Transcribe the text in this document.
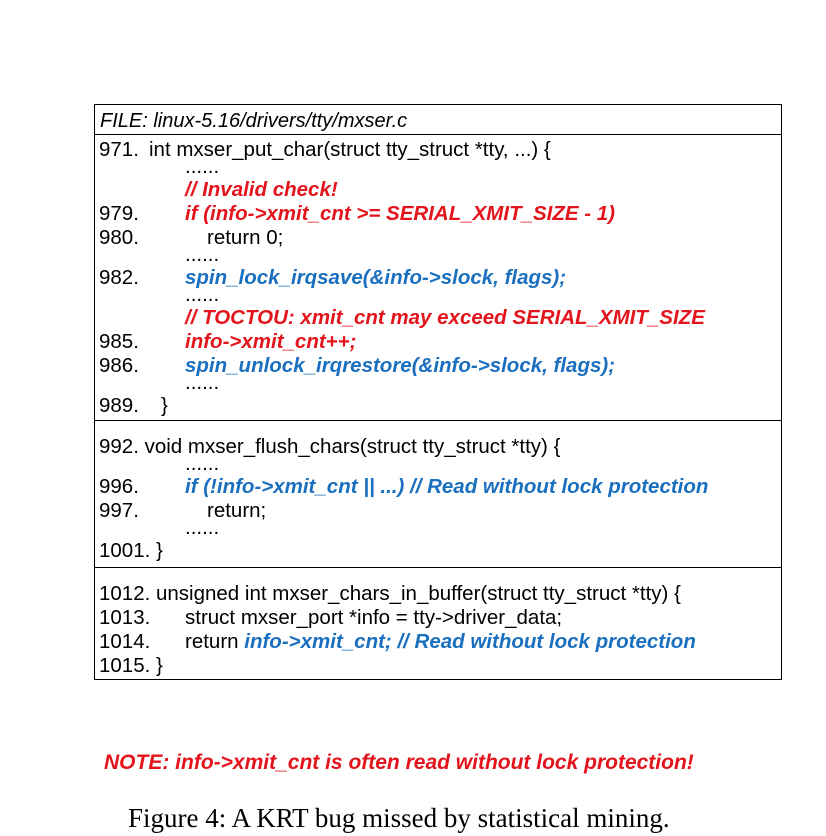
FILE: linux-5.16/drivers/tty/mxser.c
971. int mxser_put_char(struct tty_struct *tty, ...) {
......
// Invalid check!
979. if (info->xmit_cnt >= SERIAL_XMIT_SIZE - 1)
980.	return 0;
......
982. spin_lock_irqsave(&info->slock, flags);
......
// TOCTOU: xmit_cnt may exceed SERIAL_XMIT_SIZE
985. info->xmit_cnt++;
986. spin_unlock_irqrestore(&info->slock, flags);
......
989. }
992. void mxser_flush_chars(struct tty_struct *tty) {
......
996. if (!info->xmit_cnt || ...) // Read without lock protection
997.	return;
......
1001. }
1012. unsigned int mxser_chars_in_buffer(struct tty_struct *tty) {
1013. struct mxser_port *info = tty->driver_data;
1014. return info->xmit_cnt; // Read without lock protection
1015. }
NOTE: info->xmit_cnt is often read without lock protection!
Figure 4: A KRT bug missed by statistical mining.
